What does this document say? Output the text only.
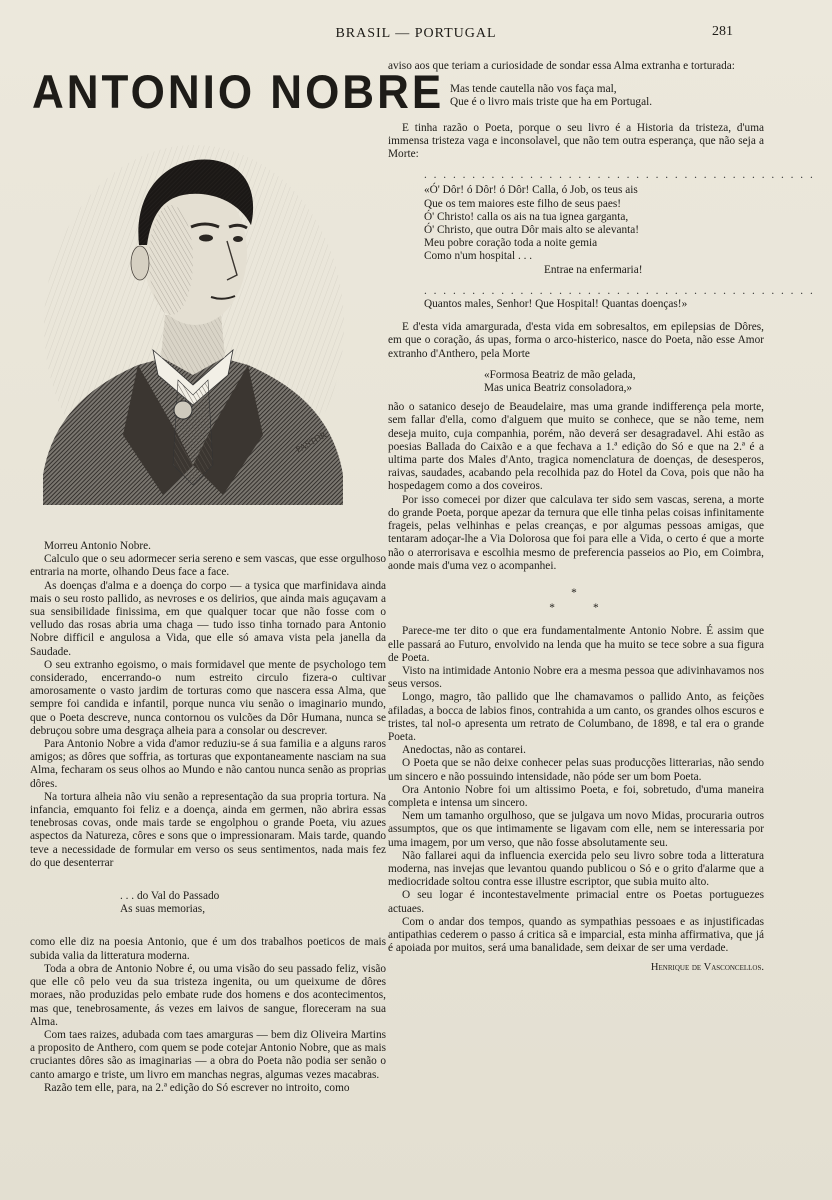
BRASIL — PORTUGAL	281
ANTONIO NOBRE
PASTOR

Morreu Antonio Nobre.

Calculo que o seu adormecer seria sereno e sem vascas, que esse orgulhoso entraria na morte, olhando Deus face a face.

As doenças d'alma e a doença do corpo — a tysica que marfinidava ainda mais o seu rosto pallido, as nevroses e os delirios, que ainda mais aguçavam a sua sensibilidade finissima, em que qualquer tocar que não fosse com o velludo das rosas abria uma chaga — tudo isso tinha tornado para Antonio Nobre difficil e angulosa a Vida, que elle só amava vista pela janella da Saudade.

O seu extranho egoismo, o mais formidavel que mente de psychologo tem considerado, encerrando-o num estreito circulo fizera-o cultivar amorosamente o vasto jardim de torturas como que nascera essa Alma, que sempre foi candida e infantil, porque nunca viu senão o imaginario mundo, que o Poeta descreve, nunca contornou os vulcões da Dôr Humana, nunca se debruçou sobre uma desgraça alheia para a consolar ou descrever.

Para Antonio Nobre a vida d'amor reduziu-se á sua familia e a alguns raros amigos; as dôres que soffria, as torturas que expontaneamente nasciam na sua Alma, fecharam os seus olhos ao Mundo e não cantou nunca senão as proprias dôres.

Na tortura alheia não viu senão a representação da sua propria tortura. Na infancia, emquanto foi feliz e a doença, ainda em germen, não abrira essas tenebrosas covas, onde mais tarde se engolphou o grande Poeta, viu azues aspectos da Natureza, côres e sons que o impressionaram. Mais tarde, quando teve a necessidade de formular em verso os seus sentimentos, nada mais fez do que desenterrar

. . . do Val do Passado
As suas memorias,

como elle diz na poesia Antonio, que é um dos trabalhos poeticos de mais subida valia da litteratura moderna.

Toda a obra de Antonio Nobre é, ou uma visão do seu passado feliz, visão que elle cô pelo veu da sua tristeza ingenita, ou um queixume de dôres moraes, não produzidas pelo embate rude dos homens e dos acontecimentos, mas que, tenebrosamente, ás vezes em laivos de sangue, floreceram na sua Alma.

Com taes raizes, adubada com taes amarguras — bem diz Oliveira Martins a proposito de Anthero, com quem se pode cotejar Antonio Nobre, que as mais cruciantes dôres são as imaginarias — a obra do Poeta não podia ser senão o canto amargo e triste, um livro em manchas negras, algumas vezes macabras.

Razão tem elle, para, na 2.ª edição do Só escrever no introito, como

aviso aos que teriam a curiosidade de sondar essa Alma extranha e torturada:

Mas tende cautella não vos faça mal,
Que é o livro mais triste que ha em Portugal.

E tinha razão o Poeta, porque o seu livro é a Historia da tristeza, d'uma immensa tristeza vaga e inconsolavel, que não tem outra esperança, que não seja a Morte:

. . . . . . . . . . . . . . . . . . . . . . . . . . . . . . . . . . . . . . . . .
«Ó' Dôr! ó Dôr! ó Dôr! Calla, ó Job, os teus ais
Que os tem maiores este filho de seus paes!
Ó' Christo! calla os ais na tua ignea garganta,
Ó' Christo, que outra Dôr mais alto se alevanta!
Meu pobre coração toda a noite gemia
Como n'um hospital . . .
Entrae na enfermaria!
. . . . . . . . . . . . . . . . . . . . . . . . . . . . . . . . . . . . . . . . .
Quantos males, Senhor! Que Hospital! Quantas doenças!»

E d'esta vida amargurada, d'esta vida em sobresaltos, em epilepsias de Dôres, em que o coração, ás upas, forma o arco-histerico, nasce do Poeta, não esse Amor extranho d'Anthero, pela Morte

«Formosa Beatriz de mão gelada,
Mas unica Beatriz consoladora,»

não o satanico desejo de Beaudelaire, mas uma grande indifferença pela morte, sem fallar d'ella, como d'alguem que muito se conhece, que se não teme, nem deseja muito, cuja companhia, porém, não deverá ser desagradavel. Ahi estão as poesias Ballada do Caixão e a que fechava a 1.ª edição do Só e que na 2.ª é a ultima parte dos Males d'Anto, tragica nomenclatura de doenças, de desesperos, raivas, saudades, acabando pela recolhida paz do Hotel da Cova, pois que não ha hospedagem como a dos coveiros.

Por isso comecei por dizer que calculava ter sido sem vascas, serena, a morte do grande Poeta, porque apezar da ternura que elle tinha pelas coisas infinitamente frageis, pelas velhinhas e pelas creanças, e por algumas pessoas amigas, que tentaram adoçar-lhe a Via Dolorosa que foi para elle a Vida, o certo é que a morte não o aterrorisava e escolhia mesmo de preferencia passeios ao Pio, em Coimbra, aonde mais d'uma vez o acompanhei.

*
*     *

Parece-me ter dito o que era fundamentalmente Antonio Nobre. É assim que elle passará ao Futuro, envolvido na lenda que ha muito se tece sobre a sua figura de Poeta.

Visto na intimidade Antonio Nobre era a mesma pessoa que adivinhavamos nos seus versos.

Longo, magro, tão pallido que lhe chamavamos o pallido Anto, as feições afiladas, a bocca de labios finos, contrahida a um canto, os grandes olhos escuros e tristes, tal nol-o apresenta um retrato de Columbano, de 1898, e tal era o grande Poeta.

Anedoctas, não as contarei.

O Poeta que se não deixe conhecer pelas suas producções litterarias, não sendo um sincero e não possuindo intensidade, não póde ser um bom Poeta.

Ora Antonio Nobre foi um altissimo Poeta, e foi, sobretudo, d'uma maneira completa e intensa um sincero.

Nem um tamanho orgulhoso, que se julgava um novo Midas, procuraria outros assumptos, que os que intimamente se ligavam com elle, nem se interessaria por uma imagem, por um verso, que não fosse absolutamente seu.

Não fallarei aqui da influencia exercida pelo seu livro sobre toda a litteratura moderna, nas invejas que levantou quando publicou o Só e o grito d'alarme que a mediocridade soltou contra esse illustre escriptor, que subia muito alto.

O seu logar é incontestavelmente primacial entre os Poetas portuguezes actuaes.

Com o andar dos tempos, quando as sympathias pessoaes e as injustificadas antipathias cederem o passo á critica sã e imparcial, esta minha affirmativa, que já é apoiada por muitos, será uma banalidade, sem deixar de ser uma verdade.

Henrique de Vasconcellos.
